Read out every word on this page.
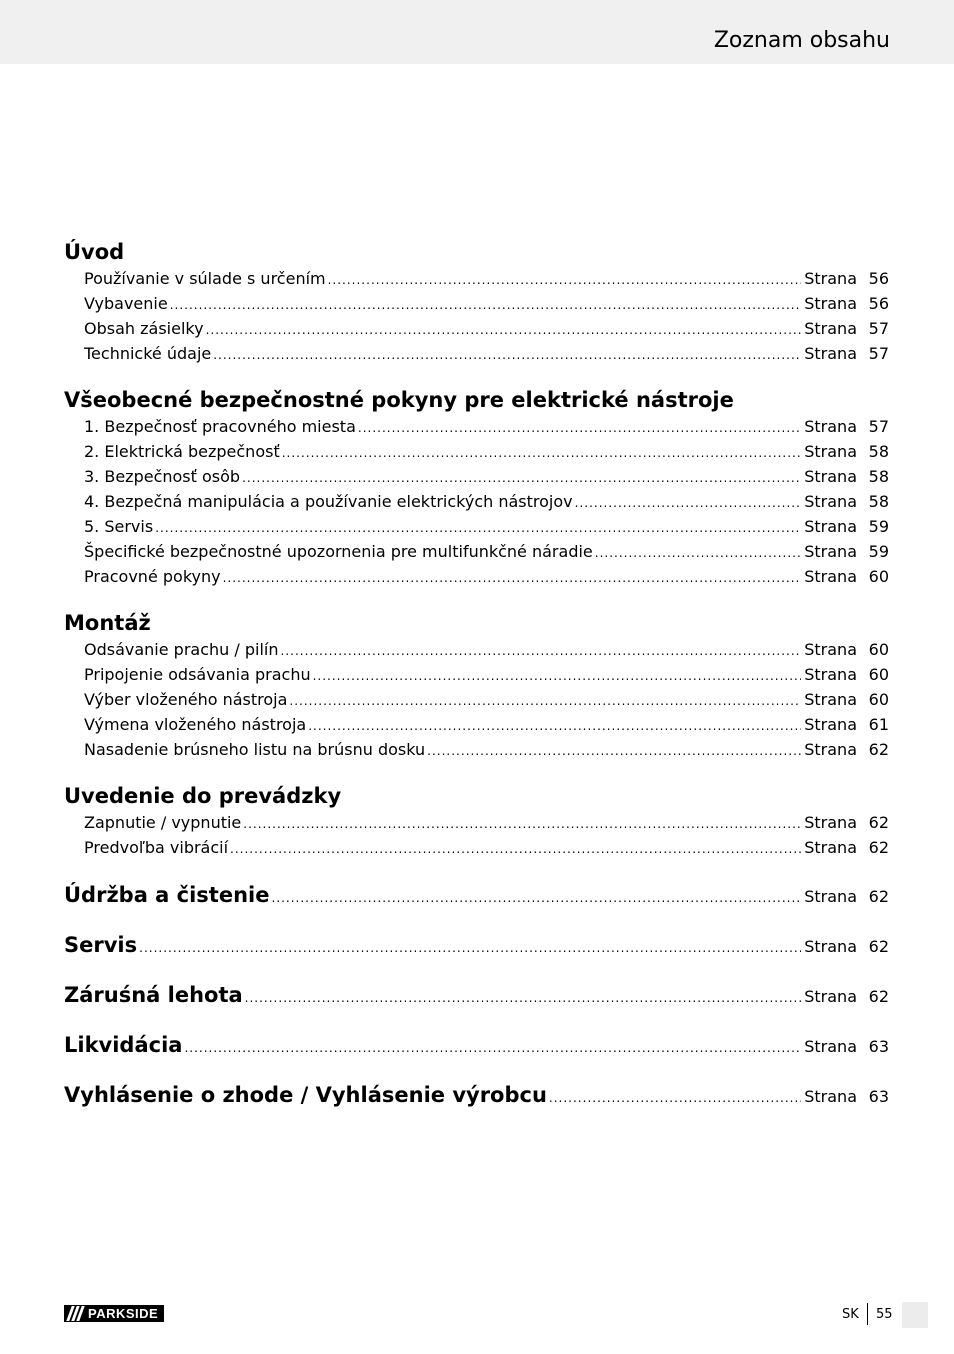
Zoznam obsahu
Úvod
Používanie v súlade s určením .....	Strana 56
Vybavenie .....	Strana 56
Obsah zásielky .....	Strana 57
Technické údaje .....	Strana 57
Všeobecné bezpečnostné pokyny pre elektrické nástroje
1. Bezpečnosť pracovného miesta .....	Strana 57
2. Elektrická bezpečnosť .....	Strana 58
3. Bezpečnosť osôb .....	Strana 58
4. Bezpečná manipulácia a používanie elektrických nástrojov .....	Strana 58
5. Servis .....	Strana 59
Špecifické bezpečnostné upozornenia pre multifunkčné náradie .....	Strana 59
Pracovné pokyny .....	Strana 60
Montáž
Odsávanie prachu / pilín .....	Strana 60
Pripojenie odsávania prachu .....	Strana 60
Výber vloženého nástroja .....	Strana 60
Výmena vloženého nástroja .....	Strana 61
Nasadenie brúsneho listu na brúsnu dosku .....	Strana 62
Uvedenie do prevádzky
Zapnutie / vypnutie .....	Strana 62
Predvoľba vibrácií .....	Strana 62
Údržba a čistenie .....	Strana 62
Servis .....	Strana 62
Záruśná lehota .....	Strana 62
Likvidácia .....	Strana 63
Vyhlásenie o zhode / Vyhlásenie výrobcu .....	Strana 63
PARKSIDE	SK 55
